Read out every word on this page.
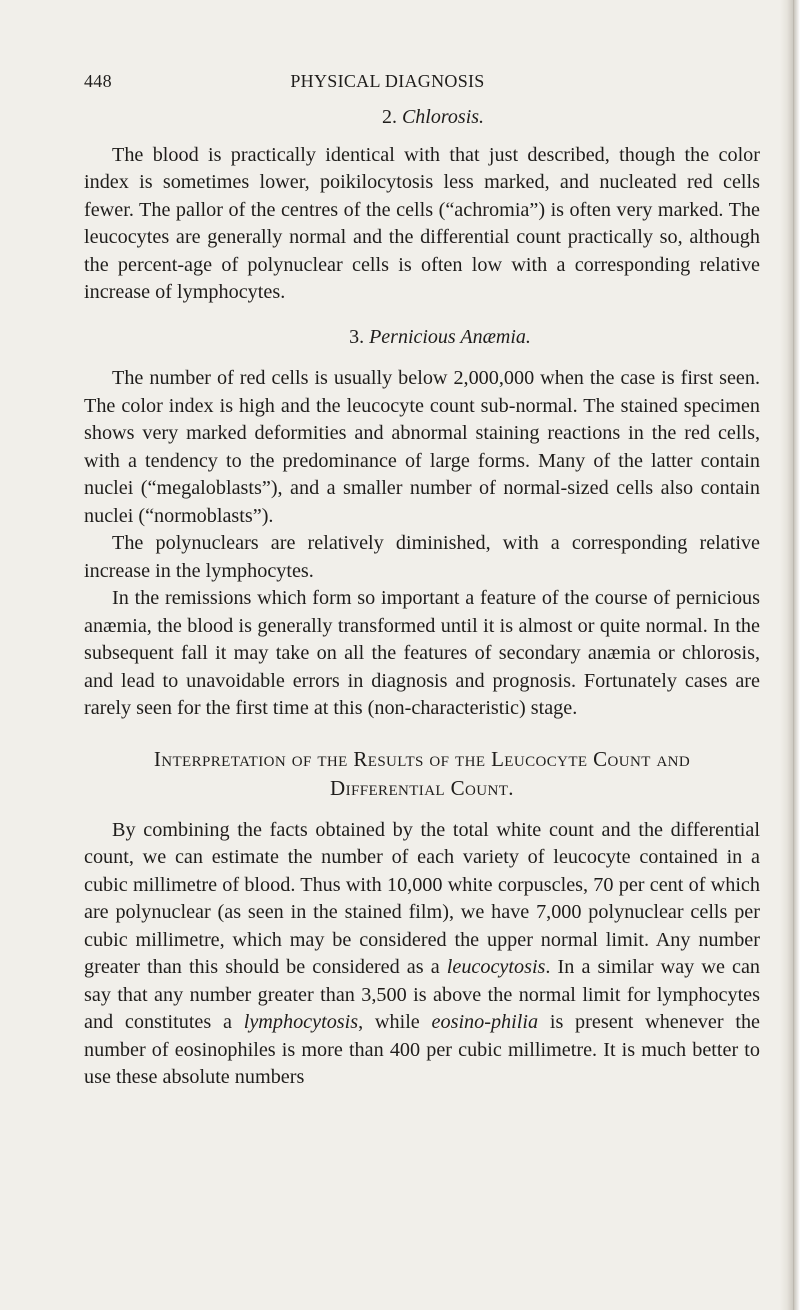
448	PHYSICAL DIAGNOSIS
2. Chlorosis.

The blood is practically identical with that just described, though the color index is sometimes lower, poikilocytosis less marked, and nucleated red cells fewer. The pallor of the centres of the cells (“achromia”) is often very marked. The leucocytes are generally normal and the differential count practically so, although the percent-age of polynuclear cells is often low with a corresponding relative increase of lymphocytes.

3. Pernicious Anæmia.

The number of red cells is usually below 2,000,000 when the case is first seen. The color index is high and the leucocyte count sub-normal. The stained specimen shows very marked deformities and abnormal staining reactions in the red cells, with a tendency to the predominance of large forms. Many of the latter contain nuclei (“megaloblasts”), and a smaller number of normal-sized cells also contain nuclei (“normoblasts”).

The polynuclears are relatively diminished, with a corresponding relative increase in the lymphocytes.

In the remissions which form so important a feature of the course of pernicious anæmia, the blood is generally transformed until it is almost or quite normal. In the subsequent fall it may take on all the features of secondary anæmia or chlorosis, and lead to unavoidable errors in diagnosis and prognosis. Fortunately cases are rarely seen for the first time at this (non-characteristic) stage.

Interpretation of the Results of the Leucocyte Count and
Differential Count.

By combining the facts obtained by the total white count and the differential count, we can estimate the number of each variety of leucocyte contained in a cubic millimetre of blood. Thus with 10,000 white corpuscles, 70 per cent of which are polynuclear (as seen in the stained film), we have 7,000 polynuclear cells per cubic millimetre, which may be considered the upper normal limit. Any number greater than this should be considered as a leucocytosis. In a similar way we can say that any number greater than 3,500 is above the normal limit for lymphocytes and constitutes a lymphocytosis, while eosino-philia is present whenever the number of eosinophiles is more than 400 per cubic millimetre. It is much better to use these absolute numbers
